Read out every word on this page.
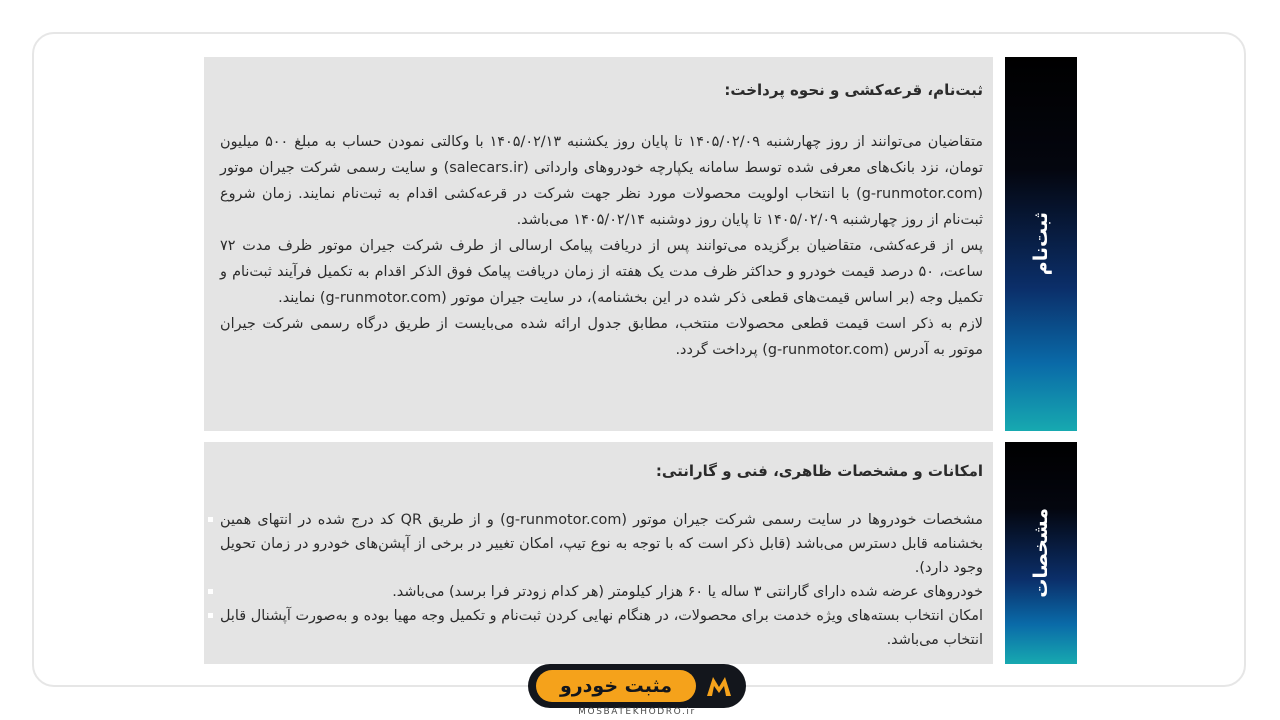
ثبت‌نام، قرعه‌کشی و نحوه پرداخت:

متقاضیان می‌توانند از روز چهارشنبه ۱۴۰۵/۰۲/۰۹ تا پایان روز یکشنبه ۱۴۰۵/۰۲/۱۳ با وکالتی نمودن حساب به مبلغ ۵۰۰ میلیون تومان، نزد بانک‌های معرفی شده توسط سامانه یکپارچه خودروهای وارداتی (salecars.ir) و سایت رسمی شرکت جیران موتور (g-runmotor.com) با انتخاب اولویت محصولات مورد نظر جهت شرکت در قرعه‌کشی اقدام به ثبت‌نام نمایند. زمان شروع ثبت‌نام از روز چهارشنبه ۱۴۰۵/۰۲/۰۹ تا پایان روز دوشنبه ۱۴۰۵/۰۲/۱۴ می‌باشد.

پس از قرعه‌کشی، متقاضیان برگزیده می‌توانند پس از دریافت پیامک ارسالی از طرف شرکت جیران موتور ظرف مدت ۷۲ ساعت، ۵۰ درصد قیمت خودرو و حداکثر ظرف مدت یک هفته از زمان دریافت پیامک فوق الذکر اقدام به تکمیل فرآیند ثبت‌نام و تکمیل وجه (بر اساس قیمت‌های قطعی ذکر شده در این بخشنامه)، در سایت جیران موتور (g-runmotor.com) نمایند.

لازم به ذکر است قیمت قطعی محصولات منتخب، مطابق جدول ارائه شده می‌بایست از طریق درگاه رسمی شرکت جیران موتور به آدرس (g-runmotor.com) پرداخت گردد.

ثبت‌نام

امکانات و مشخصات ظاهری، فنی و گارانتی:

مشخصات خودروها در سایت رسمی شرکت جیران موتور (g-runmotor.com) و از طریق QR کد درج شده در انتهای همین بخشنامه قابل دسترس می‌باشد (قابل ذکر است که با توجه به نوع تیپ، امکان تغییر در برخی از آپشن‌های خودرو در زمان تحویل وجود دارد).
خودروهای عرضه شده دارای گارانتی ۳ ساله یا ۶۰ هزار کیلومتر (هر کدام زودتر فرا برسد) می‌باشد.
امکان انتخاب بسته‌های ویژه خدمت برای محصولات، در هنگام نهایی کردن ثبت‌نام و تکمیل وجه مهیا بوده و به‌صورت آپشنال قابل انتخاب می‌باشد.
مشخصات
مثبت خودرو
MOSBATEKHODRO.ir
